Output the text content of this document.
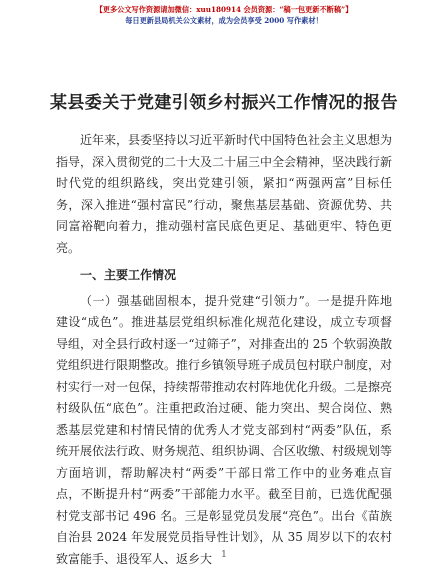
【更多公文写作资源请加微信：xuu180914 会员资源：“稿一包更新不断稿”】
每日更新县局机关公文素材，成为会员享受 2000 写作素材！
某县委关于党建引领乡村振兴工作情况的报告

近年来，县委坚持以习近平新时代中国特色社会主义思想为指导，深入贯彻党的二十大及二十届三中全会精神，坚决践行新时代党的组织路线，突出党建引领，紧扣“两强两富”目标任务，深入推进“强村富民”行动，聚焦基层基础、资源优势、共同富裕靶向着力，推动强村富民底色更足、基础更牢、特色更亮。

一、主要工作情况

（一）强基础固根本，提升党建“引领力”。一是提升阵地建设“成色”。推进基层党组织标准化规范化建设，成立专项督导组，对全县行政村逐一“过筛子”，对排查出的 25 个软弱涣散党组织进行限期整改。推行乡镇领导班子成员包村联户制度，对村实行一对一包保，持续帮带推动农村阵地优化升级。二是擦亮村级队伍“底色”。注重把政治过硬、能力突出、契合岗位、熟悉基层党建和村情民情的优秀人才党支部到村“两委”队伍，系统开展依法行政、财务规范、组织协调、合区收缴、村级规划等方面培训，帮助解决村“两委”干部日常工作中的业务难点盲点，不断提升村“两委”干部能力水平。截至目前，已选优配强村党支部书记 496 名。三是彰显党员发展“亮色”。出台《苗族自治县 2024 年发展党员指导性计划》，从 35 周岁以下的农村致富能手、退役军人、返乡大	1
